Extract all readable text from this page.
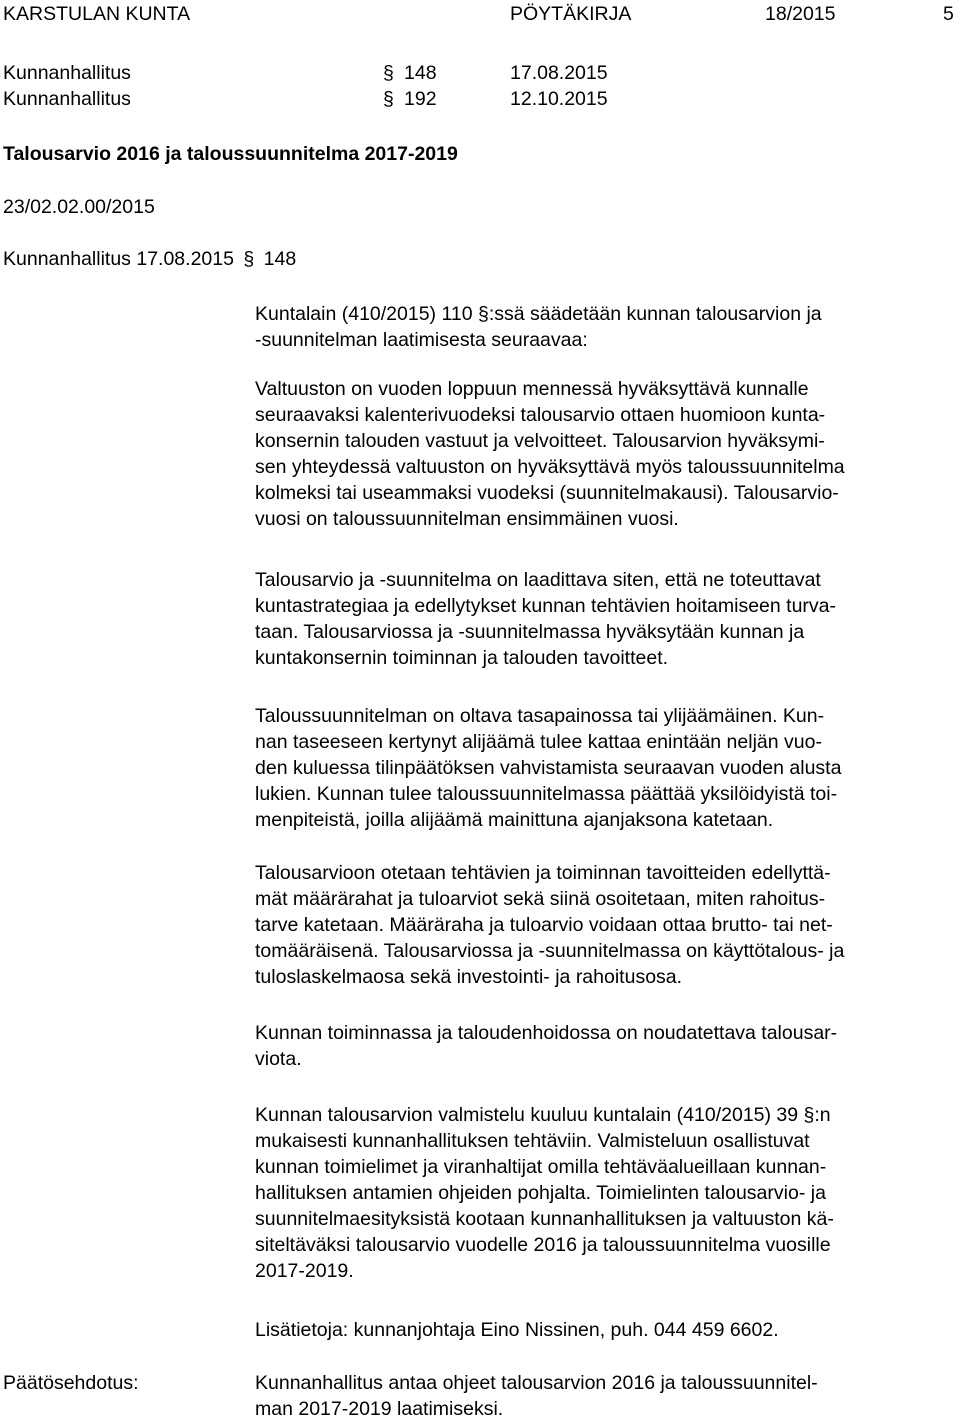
KARSTULAN KUNTA	PÖYTÄKIRJA	18/2015	5
Kunnanhallitus	§ 148	17.08.2015
Kunnanhallitus	§ 192	12.10.2015
Talousarvio 2016 ja taloussuunnitelma 2017-2019
23/02.02.00/2015
Kunnanhallitus 17.08.2015 § 148
Kuntalain (410/2015) 110 §:ssä säädetään kunnan talousarvion ja
-suunnitelman laatimisesta seuraavaa:
Valtuuston on vuoden loppuun mennessä hyväksyttävä kunnalle
seuraavaksi kalenterivuodeksi talousarvio ottaen huomioon kunta-
konsernin talouden vastuut ja velvoitteet. Talousarvion hyväksymi-
sen yhteydessä valtuuston on hyväksyttävä myös taloussuunnitelma
kolmeksi tai useammaksi vuodeksi (suunnitelmakausi). Talousarvio-
vuosi on taloussuunnitelman ensimmäinen vuosi.
Talousarvio ja -suunnitelma on laadittava siten, että ne toteuttavat
kuntastrategiaa ja edellytykset kunnan tehtävien hoitamiseen turva-
taan. Talousarviossa ja -suunnitelmassa hyväksytään kunnan ja
kuntakonsernin toiminnan ja talouden tavoitteet.
Taloussuunnitelman on oltava tasapainossa tai ylijäämäinen. Kun-
nan taseeseen kertynyt alijäämä tulee kattaa enintään neljän vuo-
den kuluessa tilinpäätöksen vahvistamista seuraavan vuoden alusta
lukien. Kunnan tulee taloussuunnitelmassa päättää yksilöidyistä toi-
menpiteistä, joilla alijäämä mainittuna ajanjaksona katetaan.
Talousarvioon otetaan tehtävien ja toiminnan tavoitteiden edellyttä-
mät määrärahat ja tuloarviot sekä siinä osoitetaan, miten rahoitus-
tarve katetaan. Määräraha ja tuloarvio voidaan ottaa brutto- tai net-
tomääräisenä. Talousarviossa ja -suunnitelmassa on käyttötalous- ja
tuloslaskelmaosa sekä investointi- ja rahoitusosa.
Kunnan toiminnassa ja taloudenhoidossa on noudatettava talousar-
viota.
Kunnan talousarvion valmistelu kuuluu kuntalain (410/2015) 39 §:n
mukaisesti kunnanhallituksen tehtäviin. Valmisteluun osallistuvat
kunnan toimielimet ja viranhaltijat omilla tehtäväalueillaan kunnan-
hallituksen antamien ohjeiden pohjalta. Toimielinten talousarvio- ja
suunnitelmaesityksistä kootaan kunnanhallituksen ja valtuuston kä-
siteltäväksi talousarvio vuodelle 2016 ja taloussuunnitelma vuosille
2017-2019.
Lisätietoja: kunnanjohtaja Eino Nissinen, puh. 044 459 6602.
Päätösehdotus:	Kunnanhallitus antaa ohjeet talousarvion 2016 ja taloussuunnitel-
man 2017-2019 laatimiseksi.
